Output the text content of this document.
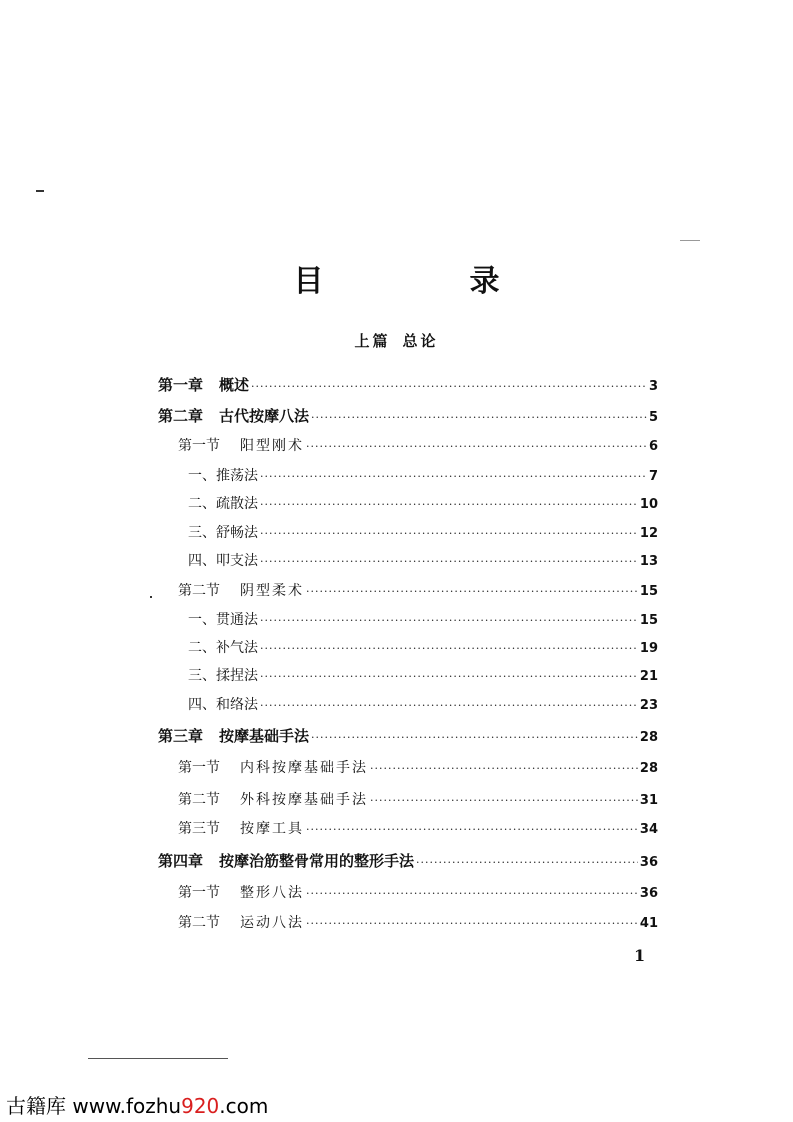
目　录
上篇 总论
第一章 概述 ·····	3
第二章 古代按摩八法 ·····	5
第一节 阳型刚术 ·····	6
一、 推荡法 ·····	7
二、 疏散法 ·····	10
三、 舒畅法 ·····	12
四、 叩支法 ·····	13
第二节 阴型柔术 ·····	15
一、 贯通法 ·····	15
二、 补气法 ·····	19
三、 揉捏法 ·····	21
四、 和络法 ·····	23
第三章 按摩基础手法 ·····	28
第一节 内科按摩基础手法 ·····	28
第二节 外科按摩基础手法 ·····	31
第三节 按摩工具 ·····	34
第四章 按摩治筋整骨常用的整形手法 ·····	36
第一节 整形八法 ·····	36
第二节 运动八法 ·····	41
1
古籍库 www.fozhu920.com
